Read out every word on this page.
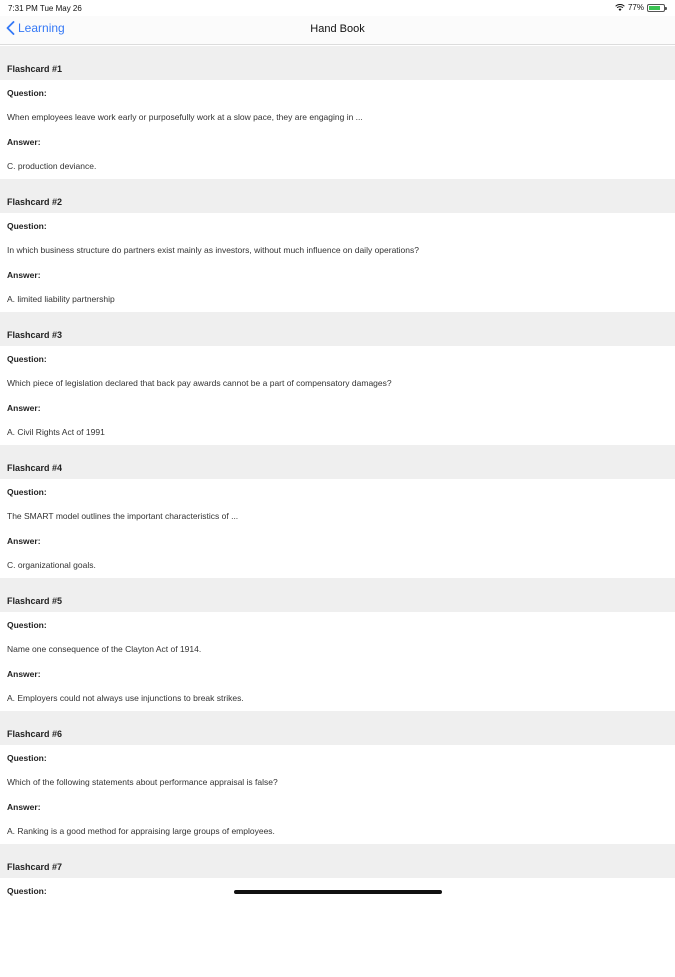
7:31 PM Tue May 26	77%
Learning	Hand Book
Flashcard #1
Question:
When employees leave work early or purposefully work at a slow pace, they are engaging in ...
Answer:
C. production deviance.
Flashcard #2
Question:
In which business structure do partners exist mainly as investors, without much influence on daily operations?
Answer:
A. limited liability partnership
Flashcard #3
Question:
Which piece of legislation declared that back pay awards cannot be a part of compensatory damages?
Answer:
A. Civil Rights Act of 1991
Flashcard #4
Question:
The SMART model outlines the important characteristics of ...
Answer:
C. organizational goals.
Flashcard #5
Question:
Name one consequence of the Clayton Act of 1914.
Answer:
A. Employers could not always use injunctions to break strikes.
Flashcard #6
Question:
Which of the following statements about performance appraisal is false?
Answer:
A. Ranking is a good method for appraising large groups of employees.
Flashcard #7
Question:
